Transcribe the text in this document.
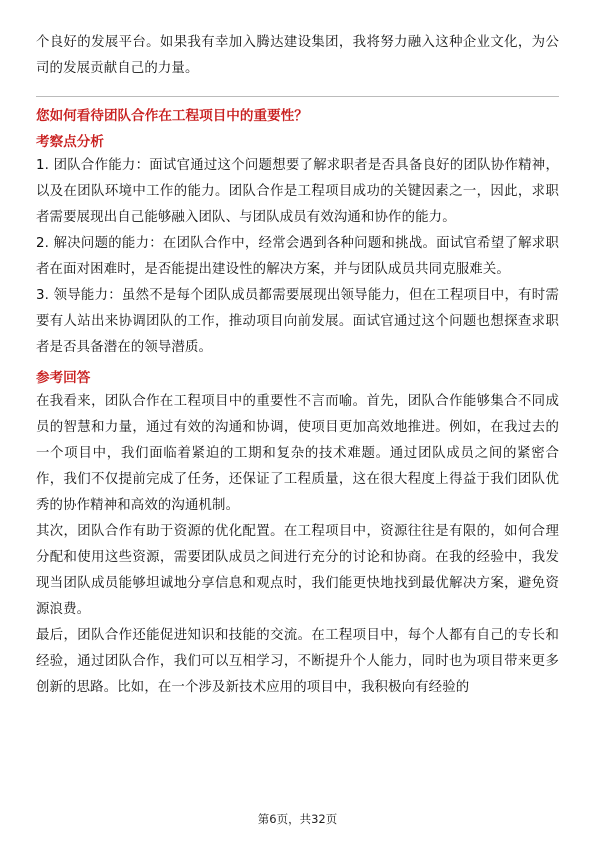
个良好的发展平台。如果我有幸加入腾达建设集团，我将努力融入这种企业文化，为公司的发展贡献自己的力量。

您如何看待团队合作在工程项目中的重要性？
考察点分析

1. 团队合作能力：面试官通过这个问题想要了解求职者是否具备良好的团队协作精神，以及在团队环境中工作的能力。团队合作是工程项目成功的关键因素之一，因此，求职者需要展现出自己能够融入团队、与团队成员有效沟通和协作的能力。

2. 解决问题的能力：在团队合作中，经常会遇到各种问题和挑战。面试官希望了解求职者在面对困难时，是否能提出建设性的解决方案，并与团队成员共同克服难关。

3. 领导能力：虽然不是每个团队成员都需要展现出领导能力，但在工程项目中，有时需要有人站出来协调团队的工作，推动项目向前发展。面试官通过这个问题也想探查求职者是否具备潜在的领导潜质。

参考回答

在我看来，团队合作在工程项目中的重要性不言而喻。首先，团队合作能够集合不同成员的智慧和力量，通过有效的沟通和协调，使项目更加高效地推进。例如，在我过去的一个项目中，我们面临着紧迫的工期和复杂的技术难题。通过团队成员之间的紧密合作，我们不仅提前完成了任务，还保证了工程质量，这在很大程度上得益于我们团队优秀的协作精神和高效的沟通机制。

其次，团队合作有助于资源的优化配置。在工程项目中，资源往往是有限的，如何合理分配和使用这些资源，需要团队成员之间进行充分的讨论和协商。在我的经验中，我发现当团队成员能够坦诚地分享信息和观点时，我们能更快地找到最优解决方案，避免资源浪费。

最后，团队合作还能促进知识和技能的交流。在工程项目中，每个人都有自己的专长和经验，通过团队合作，我们可以互相学习，不断提升个人能力，同时也为项目带来更多创新的思路。比如，在一个涉及新技术应用的项目中，我积极向有经验的

第6页，共32页
